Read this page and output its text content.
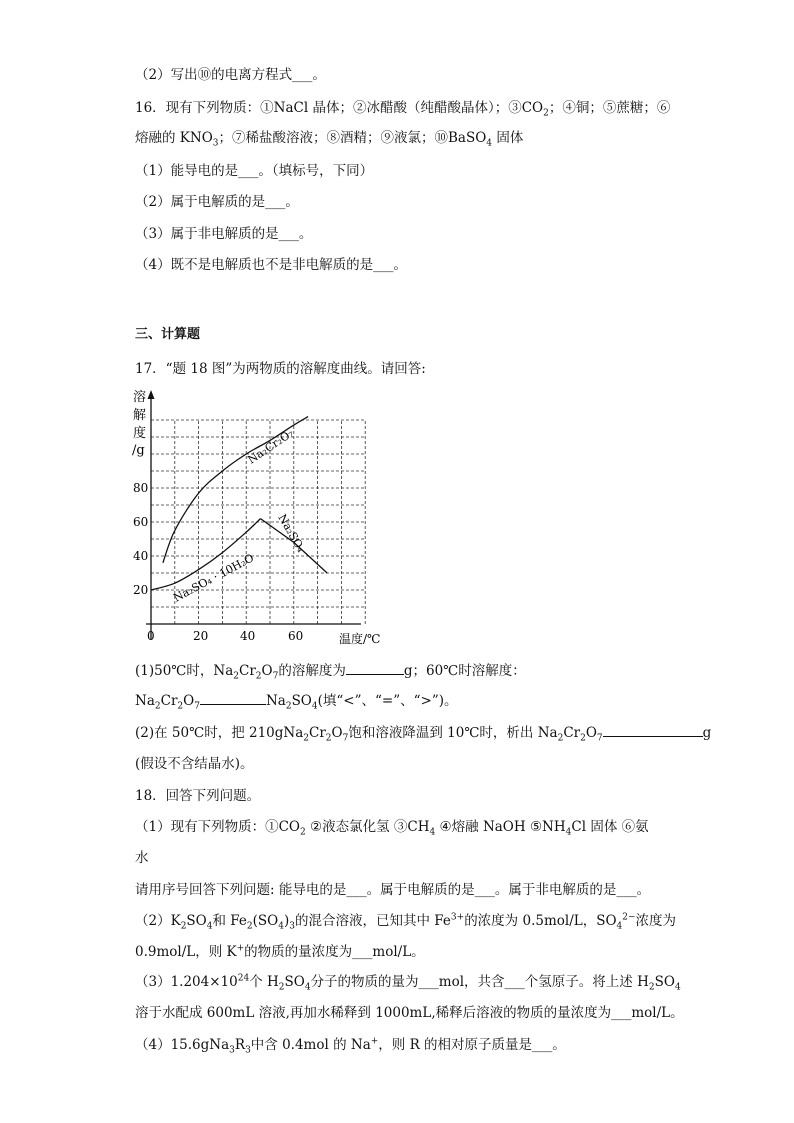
（2）写出⑩的电离方程式___。
16．现有下列物质：①NaCl 晶体；②冰醋酸（纯醋酸晶体）；$③CO_2$；④铜；⑤蔗糖；⑥
熔融的 $KNO_3$；⑦稀盐酸溶液；⑧酒精；⑨液氯；⑩BaSO$_4$ 固体
（1）能导电的是___。（填标号，下同）
（2）属于电解质的是___。
（3）属于非电解质的是___。
（4）既不是电解质也不是非电解质的是___。
三、计算题
17．“题 18 图”为两物质的溶解度曲线。请回答:
溶
解
度
/g
80
60
40
20
0	20	40	60	温度/℃
Na₂Cr₂O₇
Na₂SO₄ · 10H₂O
Na₂SO₄
(1)50℃时，$Na_2Cr_2O_7$的溶解度为	g；60℃时溶解度：
$Na_2Cr_2O_7$	$Na_2SO_4$(填“<”、“=”、“>”)。
(2)在 50℃时，把 $210gNa_2Cr_2O_7$饱和溶液降温到 10℃时，析出 $Na_2Cr_2O_7$	g
(假设不含结晶水)。
18．回答下列问题。
（1）现有下列物质：$①CO_2$ ②液态氯化氢 $③CH_4$ ④熔融 NaOH $⑤NH_4Cl$ 固体 ⑥氨
水
请用序号回答下列问题: 能导电的是___。属于电解质的是___。属于非电解质的是___。
$(2)K_2SO_4$和 $Fe_2(SO_4)_3$的混合溶液，已知其中 $Fe^{3+}$的浓度为 0.5mol/L，$SO_4^{2-}$浓度为
0.9mol/L，则 K+的物质的量浓度为___mol/L。
$(3)1.204\times 10^{24}$个 $H_2SO_4$分子的物质的量为___mol，共含___个氢原子。将上述 $H_2SO_4$
溶于水配成 600mL 溶液,再加水稀释到 1000mL,稀释后溶液的物质的量浓度为___mol/L。
$(4)15.6gNa_3R_3$中含 0.4mol 的 Na+，则 R 的相对原子质量是___。
